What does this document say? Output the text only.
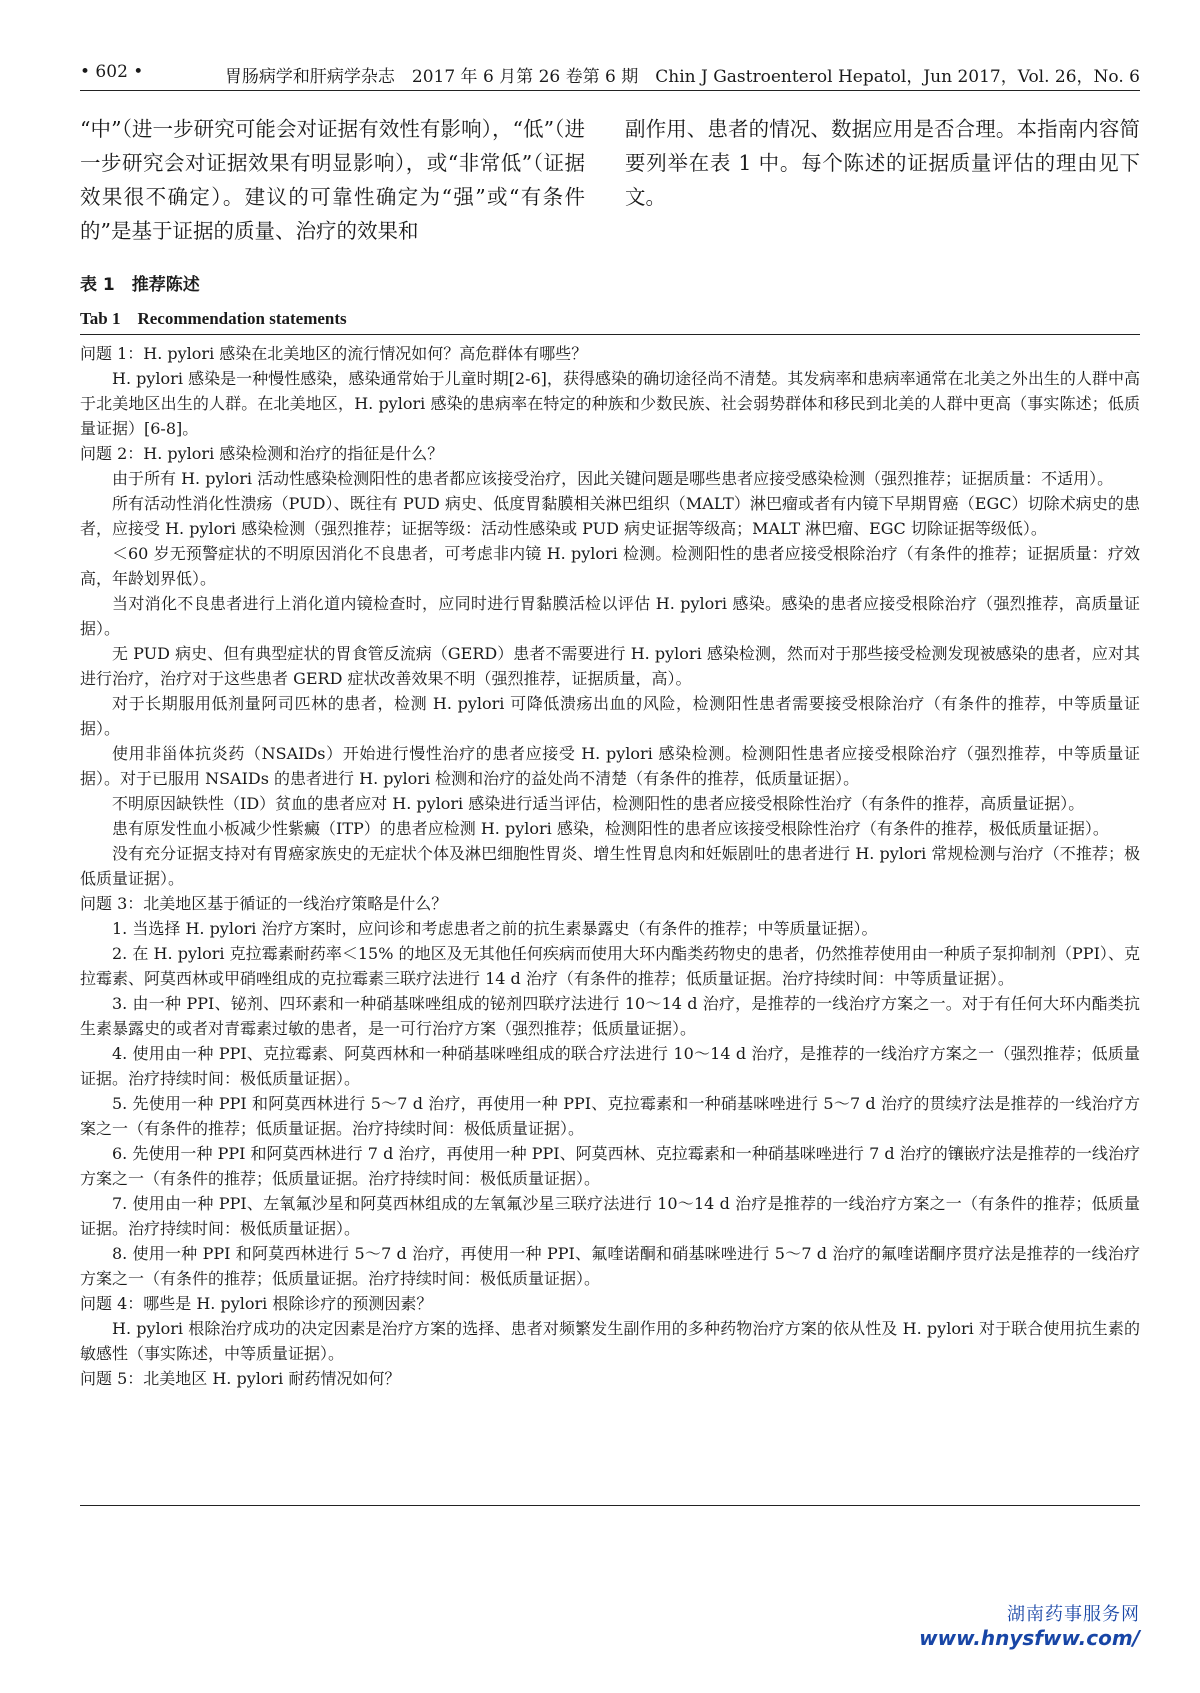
• 602 •	胃肠病学和肝病学杂志　2017 年 6 月第 26 卷第 6 期　Chin J Gastroenterol Hepatol，Jun 2017，Vol. 26，No. 6

“中”（进一步研究可能会对证据有效性有影响），“低”（进一步研究会对证据效果有明显影响），或“非常低”（证据效果很不确定）。建议的可靠性确定为“强”或“有条件的”是基于证据的质量、治疗的效果和

副作用、患者的情况、数据应用是否合理。本指南内容简要列举在表 1 中。每个陈述的证据质量评估的理由见下文。

表 1　推荐陈述
Tab 1　Recommendation statements

问题 1：H. pylori 感染在北美地区的流行情况如何？高危群体有哪些？

H. pylori 感染是一种慢性感染，感染通常始于儿童时期[2-6]，获得感染的确切途径尚不清楚。其发病率和患病率通常在北美之外出生的人群中高于北美地区出生的人群。在北美地区，H. pylori 感染的患病率在特定的种族和少数民族、社会弱势群体和移民到北美的人群中更高（事实陈述；低质量证据）[6-8]。

问题 2：H. pylori 感染检测和治疗的指征是什么？

由于所有 H. pylori 活动性感染检测阳性的患者都应该接受治疗，因此关键问题是哪些患者应接受感染检测（强烈推荐；证据质量：不适用）。

所有活动性消化性溃疡（PUD）、既往有 PUD 病史、低度胃黏膜相关淋巴组织（MALT）淋巴瘤或者有内镜下早期胃癌（EGC）切除术病史的患者，应接受 H. pylori 感染检测（强烈推荐；证据等级：活动性感染或 PUD 病史证据等级高；MALT 淋巴瘤、EGC 切除证据等级低）。

＜60 岁无预警症状的不明原因消化不良患者，可考虑非内镜 H. pylori 检测。检测阳性的患者应接受根除治疗（有条件的推荐；证据质量：疗效高，年龄划界低）。

当对消化不良患者进行上消化道内镜检查时，应同时进行胃黏膜活检以评估 H. pylori 感染。感染的患者应接受根除治疗（强烈推荐，高质量证据）。

无 PUD 病史、但有典型症状的胃食管反流病（GERD）患者不需要进行 H. pylori 感染检测，然而对于那些接受检测发现被感染的患者，应对其进行治疗，治疗对于这些患者 GERD 症状改善效果不明（强烈推荐，证据质量，高）。

对于长期服用低剂量阿司匹林的患者，检测 H. pylori 可降低溃疡出血的风险，检测阳性患者需要接受根除治疗（有条件的推荐，中等质量证据）。

使用非甾体抗炎药（NSAIDs）开始进行慢性治疗的患者应接受 H. pylori 感染检测。检测阳性患者应接受根除治疗（强烈推荐，中等质量证据）。对于已服用 NSAIDs 的患者进行 H. pylori 检测和治疗的益处尚不清楚（有条件的推荐，低质量证据）。

不明原因缺铁性（ID）贫血的患者应对 H. pylori 感染进行适当评估，检测阳性的患者应接受根除性治疗（有条件的推荐，高质量证据）。

患有原发性血小板减少性紫癜（ITP）的患者应检测 H. pylori 感染，检测阳性的患者应该接受根除性治疗（有条件的推荐，极低质量证据）。

没有充分证据支持对有胃癌家族史的无症状个体及淋巴细胞性胃炎、增生性胃息肉和妊娠剧吐的患者进行 H. pylori 常规检测与治疗（不推荐；极低质量证据）。

问题 3：北美地区基于循证的一线治疗策略是什么？

1. 当选择 H. pylori 治疗方案时，应问诊和考虑患者之前的抗生素暴露史（有条件的推荐；中等质量证据）。

2. 在 H. pylori 克拉霉素耐药率＜15% 的地区及无其他任何疾病而使用大环内酯类药物史的患者，仍然推荐使用由一种质子泵抑制剂（PPI）、克拉霉素、阿莫西林或甲硝唑组成的克拉霉素三联疗法进行 14 d 治疗（有条件的推荐；低质量证据。治疗持续时间：中等质量证据）。

3. 由一种 PPI、铋剂、四环素和一种硝基咪唑组成的铋剂四联疗法进行 10～14 d 治疗，是推荐的一线治疗方案之一。对于有任何大环内酯类抗生素暴露史的或者对青霉素过敏的患者，是一可行治疗方案（强烈推荐；低质量证据）。

4. 使用由一种 PPI、克拉霉素、阿莫西林和一种硝基咪唑组成的联合疗法进行 10～14 d 治疗，是推荐的一线治疗方案之一（强烈推荐；低质量证据。治疗持续时间：极低质量证据）。

5. 先使用一种 PPI 和阿莫西林进行 5～7 d 治疗，再使用一种 PPI、克拉霉素和一种硝基咪唑进行 5～7 d 治疗的贯续疗法是推荐的一线治疗方案之一（有条件的推荐；低质量证据。治疗持续时间：极低质量证据）。

6. 先使用一种 PPI 和阿莫西林进行 7 d 治疗，再使用一种 PPI、阿莫西林、克拉霉素和一种硝基咪唑进行 7 d 治疗的镶嵌疗法是推荐的一线治疗方案之一（有条件的推荐；低质量证据。治疗持续时间：极低质量证据）。

7. 使用由一种 PPI、左氧氟沙星和阿莫西林组成的左氧氟沙星三联疗法进行 10～14 d 治疗是推荐的一线治疗方案之一（有条件的推荐；低质量证据。治疗持续时间：极低质量证据）。

8. 使用一种 PPI 和阿莫西林进行 5～7 d 治疗，再使用一种 PPI、氟喹诺酮和硝基咪唑进行 5～7 d 治疗的氟喹诺酮序贯疗法是推荐的一线治疗方案之一（有条件的推荐；低质量证据。治疗持续时间：极低质量证据）。

问题 4：哪些是 H. pylori 根除诊疗的预测因素？

H. pylori 根除治疗成功的决定因素是治疗方案的选择、患者对频繁发生副作用的多种药物治疗方案的依从性及 H. pylori 对于联合使用抗生素的敏感性（事实陈述，中等质量证据）。

问题 5：北美地区 H. pylori 耐药情况如何？

湖南药事服务网
www.hnysfww.com/
